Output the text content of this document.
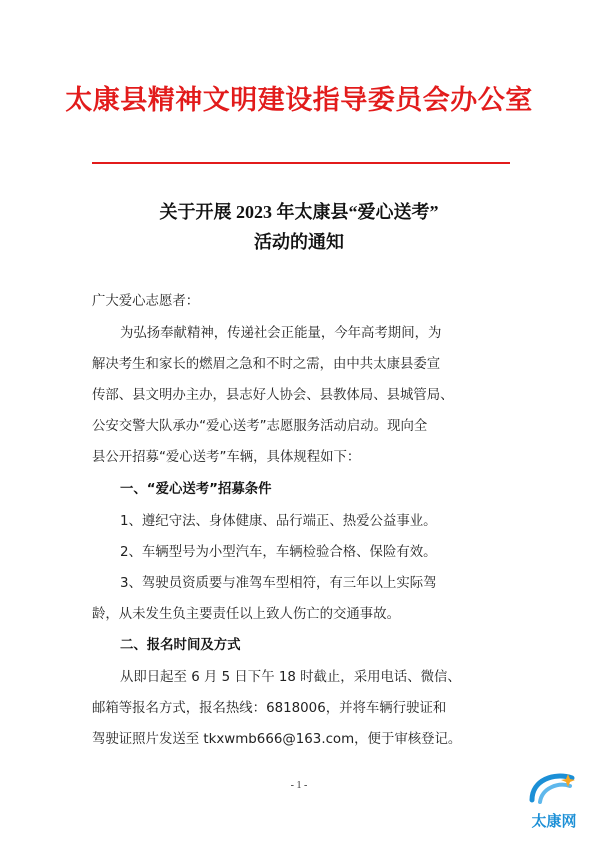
太康县精神文明建设指导委员会办公室
关于开展 2023 年太康县“爱心送考”
活动的通知
广大爱心志愿者：
为弘扬奉献精神，传递社会正能量，今年高考期间，为
解决考生和家长的燃眉之急和不时之需，由中共太康县委宣
传部、县文明办主办，县志好人协会、县教体局、县城管局、
公安交警大队承办“爱心送考”志愿服务活动启动。现向全
县公开招募“爱心送考”车辆，具体规程如下：
一、“爱心送考”招募条件
1、遵纪守法、身体健康、品行端正、热爱公益事业。
2、车辆型号为小型汽车，车辆检验合格、保险有效。
3、驾驶员资质要与准驾车型相符，有三年以上实际驾
龄，从未发生负主要责任以上致人伤亡的交通事故。
二、报名时间及方式
从即日起至 6 月 5 日下午 18 时截止，采用电话、微信、
邮箱等报名方式，报名热线：6818006，并将车辆行驶证和
驾驶证照片发送至 tkxwmb666@163.com，便于审核登记。
- 1 -
太康网
